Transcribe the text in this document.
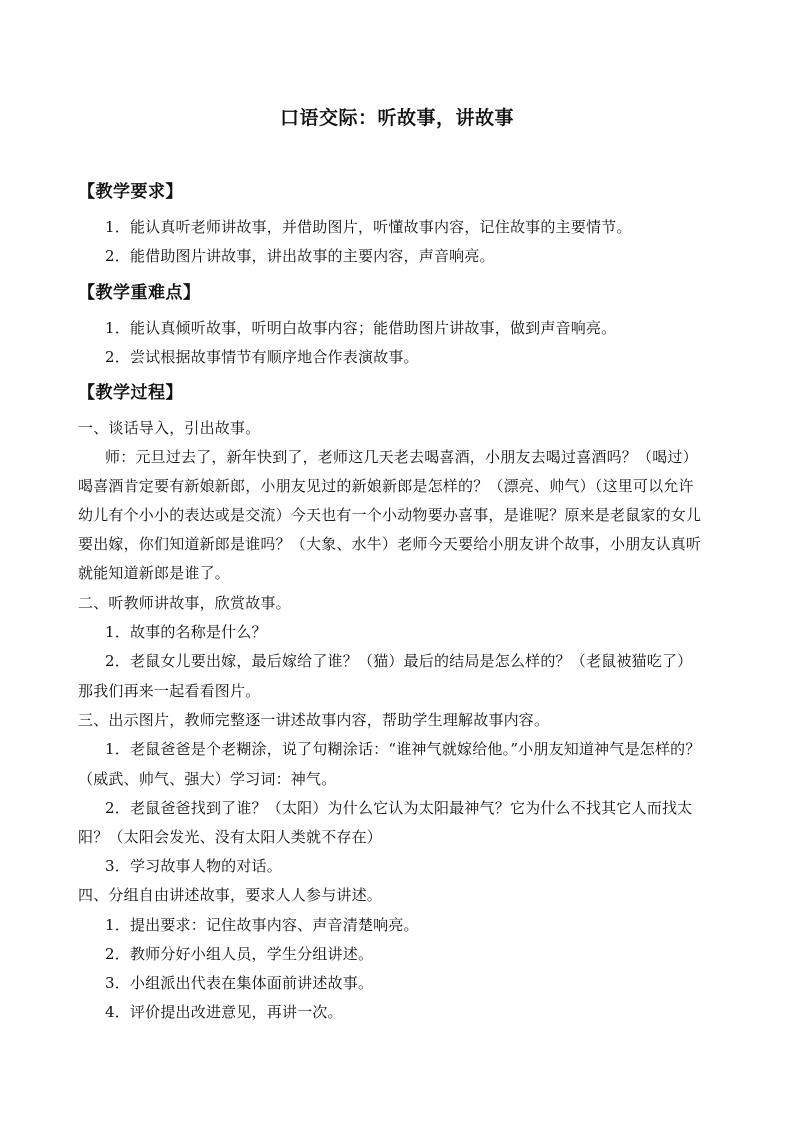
口语交际：听故事，讲故事
【教学要求】
1．能认真听老师讲故事，并借助图片，听懂故事内容，记住故事的主要情节。
2．能借助图片讲故事，讲出故事的主要内容，声音响亮。
【教学重难点】
1．能认真倾听故事，听明白故事内容；能借助图片讲故事，做到声音响亮。
2．尝试根据故事情节有顺序地合作表演故事。
【教学过程】
一、谈话导入，引出故事。
师：元旦过去了，新年快到了，老师这几天老去喝喜酒，小朋友去喝过喜酒吗？（喝过）
喝喜酒肯定要有新娘新郎，小朋友见过的新娘新郎是怎样的？（漂亮、帅气）（这里可以允许
幼儿有个小小的表达或是交流）今天也有一个小动物要办喜事，是谁呢？原来是老鼠家的女儿
要出嫁，你们知道新郎是谁吗？（大象、水牛）老师今天要给小朋友讲个故事，小朋友认真听
就能知道新郎是谁了。
二、听教师讲故事，欣赏故事。
1．故事的名称是什么？
2．老鼠女儿要出嫁，最后嫁给了谁？（猫）最后的结局是怎么样的？（老鼠被猫吃了）
那我们再来一起看看图片。
三、出示图片，教师完整逐一讲述故事内容，帮助学生理解故事内容。
1．老鼠爸爸是个老糊涂，说了句糊涂话：“谁神气就嫁给他。”小朋友知道神气是怎样的？
（威武、帅气、强大）学习词：神气。
2．老鼠爸爸找到了谁？（太阳）为什么它认为太阳最神气？它为什么不找其它人而找太
阳？（太阳会发光、没有太阳人类就不存在）
3．学习故事人物的对话。
四、分组自由讲述故事，要求人人参与讲述。
1．提出要求：记住故事内容、声音清楚响亮。
2．教师分好小组人员，学生分组讲述。
3．小组派出代表在集体面前讲述故事。
4．评价提出改进意见，再讲一次。
